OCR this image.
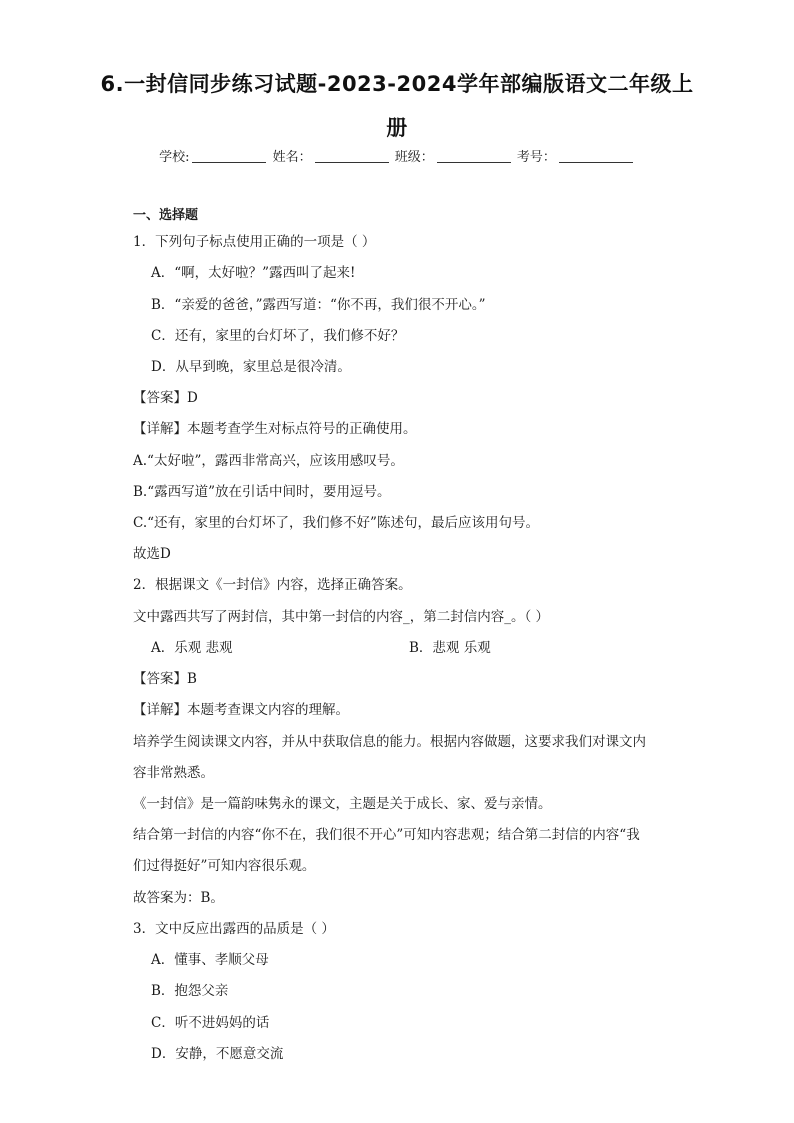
6.一封信同步练习试题-2023-2024学年部编版语文二年级上
册
学校:	姓名：	班级：	考号：
一、选择题
1．下列句子标点使用正确的一项是（ ）
A．“啊，太好啦？”露西叫了起来!
B．“亲爱的爸爸，”露西写道：“你不再，我们很不开心。”
C．还有，家里的台灯坏了，我们修不好？
D．从早到晚，家里总是很冷清。
【答案】D
【详解】本题考查学生对标点符号的正确使用。
A.“太好啦”，露西非常高兴，应该用感叹号。
B.“露西写道”放在引话中间时，要用逗号。
C.“还有，家里的台灯坏了，我们修不好”陈述句，最后应该用句号。
故选D
2．根据课文《一封信》内容，选择正确答案。
文中露西共写了两封信，其中第一封信的内容_，第二封信内容_。（ ）
A．乐观 悲观	B．悲观 乐观
【答案】B
【详解】本题考查课文内容的理解。
培养学生阅读课文内容，并从中获取信息的能力。根据内容做题，这要求我们对课文内
容非常熟悉。
《一封信》是一篇韵味隽永的课文，主题是关于成长、家、爱与亲情。
结合第一封信的内容“你不在，我们很不开心”可知内容悲观；结合第二封信的内容“我
们过得挺好”可知内容很乐观。
故答案为：B。
3．文中反应出露西的品质是（ ）
A．懂事、孝顺父母
B．抱怨父亲
C．听不进妈妈的话
D．安静，不愿意交流
